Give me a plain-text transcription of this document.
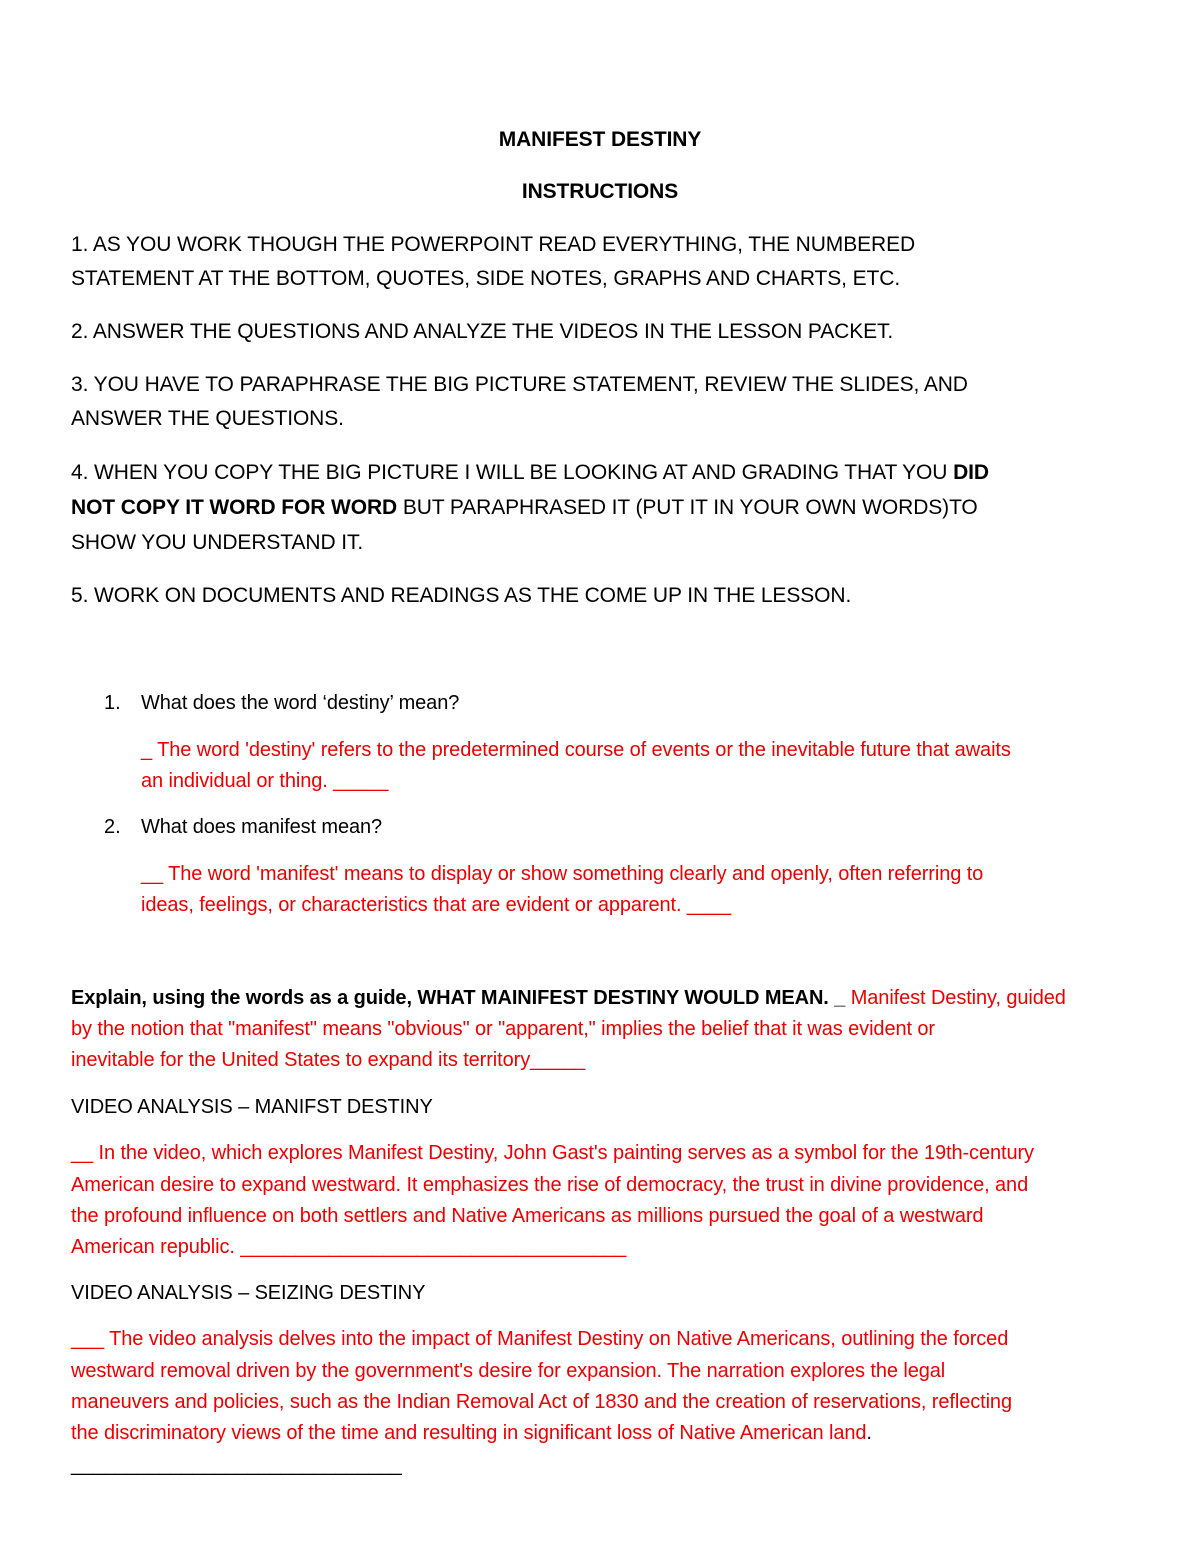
MANIFEST DESTINY

INSTRUCTIONS

1. AS YOU WORK THOUGH THE POWERPOINT READ EVERYTHING, THE NUMBERED

STATEMENT AT THE BOTTOM, QUOTES, SIDE NOTES, GRAPHS AND CHARTS, ETC.

2. ANSWER THE QUESTIONS AND ANALYZE THE VIDEOS IN THE LESSON PACKET.

3. YOU HAVE TO PARAPHRASE THE BIG PICTURE STATEMENT, REVIEW THE SLIDES, AND

ANSWER THE QUESTIONS.

4. WHEN YOU COPY THE BIG PICTURE I WILL BE LOOKING AT AND GRADING THAT YOU DID

NOT COPY IT WORD FOR WORD BUT PARAPHRASED IT (PUT IT IN YOUR OWN WORDS)TO

SHOW YOU UNDERSTAND IT.

5. WORK ON DOCUMENTS AND READINGS AS THE COME UP IN THE LESSON.

1. What does the word ‘destiny’ mean?

_ The word 'destiny' refers to the predetermined course of events or the inevitable future that awaits

an individual or thing. _____

2. What does manifest mean?

__ The word 'manifest' means to display or show something clearly and openly, often referring to

ideas, feelings, or characteristics that are evident or apparent. ____

Explain, using the words as a guide, WHAT MAINIFEST DESTINY WOULD MEAN. _ Manifest Destiny, guided

by the notion that "manifest" means "obvious" or "apparent," implies the belief that it was evident or

inevitable for the United States to expand its territory_____

VIDEO ANALYSIS – MANIFST DESTINY

__ In the video, which explores Manifest Destiny, John Gast's painting serves as a symbol for the 19th-century

American desire to expand westward. It emphasizes the rise of democracy, the trust in divine providence, and

the profound influence on both settlers and Native Americans as millions pursued the goal of a westward

American republic. ___________________________________

VIDEO ANALYSIS – SEIZING DESTINY

___ The video analysis delves into the impact of Manifest Destiny on Native Americans, outlining the forced

westward removal driven by the government's desire for expansion. The narration explores the legal

maneuvers and policies, such as the Indian Removal Act of 1830 and the creation of reservations, reflecting

the discriminatory views of the time and resulting in significant loss of Native American land.

______________________________
